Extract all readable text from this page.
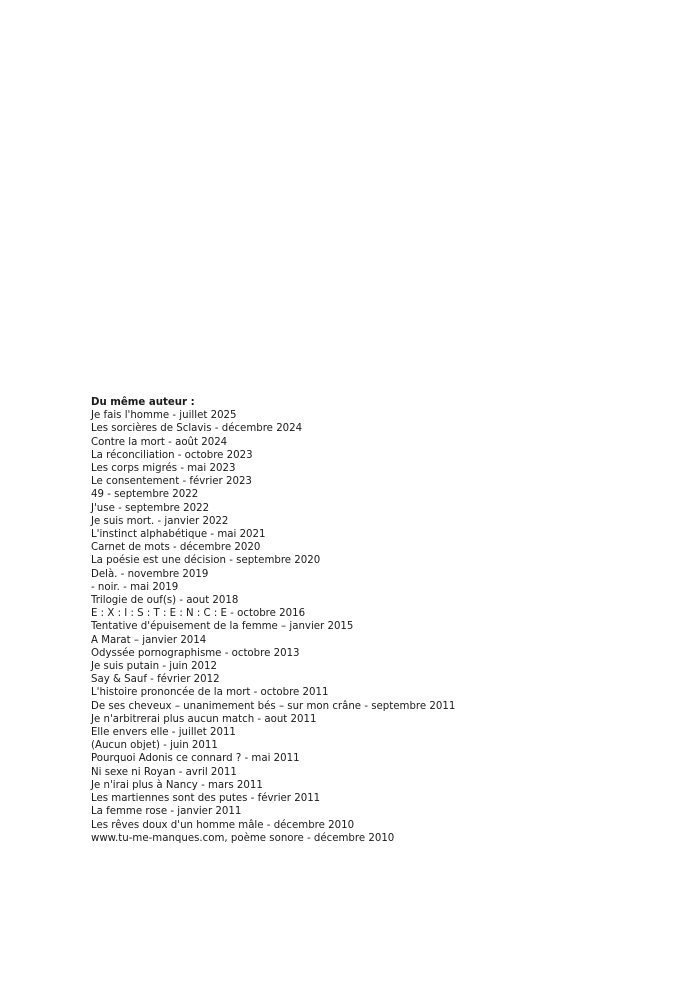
Du même auteur :
Je fais l'homme - juillet 2025
Les sorcières de Sclavis - décembre 2024
Contre la mort - août 2024
La réconciliation - octobre 2023
Les corps migrés - mai 2023
Le consentement - février 2023
49 - septembre 2022
J'use - septembre 2022
Je suis mort. - janvier 2022
L'instinct alphabétique - mai 2021
Carnet de mots - décembre 2020
La poésie est une décision - septembre 2020
Delà. - novembre 2019
- noir. - mai 2019
Trilogie de ouf(s) - aout 2018
E : X : I : S : T : E : N : C : E - octobre 2016
Tentative d'épuisement de la femme – janvier 2015
A Marat – janvier 2014
Odyssée pornographisme - octobre 2013
Je suis putain - juin 2012
Say & Sauf - février 2012
L'histoire prononcée de la mort - octobre 2011
De ses cheveux – unanimement bés – sur mon crâne - septembre 2011
Je n'arbitrerai plus aucun match - aout 2011
Elle envers elle - juillet 2011
(Aucun objet) - juin 2011
Pourquoi Adonis ce connard ? - mai 2011
Ni sexe ni Royan - avril 2011
Je n'irai plus à Nancy - mars 2011
Les martiennes sont des putes - février 2011
La femme rose - janvier 2011
Les rêves doux d'un homme mâle - décembre 2010
www.tu-me-manques.com, poème sonore - décembre 2010
